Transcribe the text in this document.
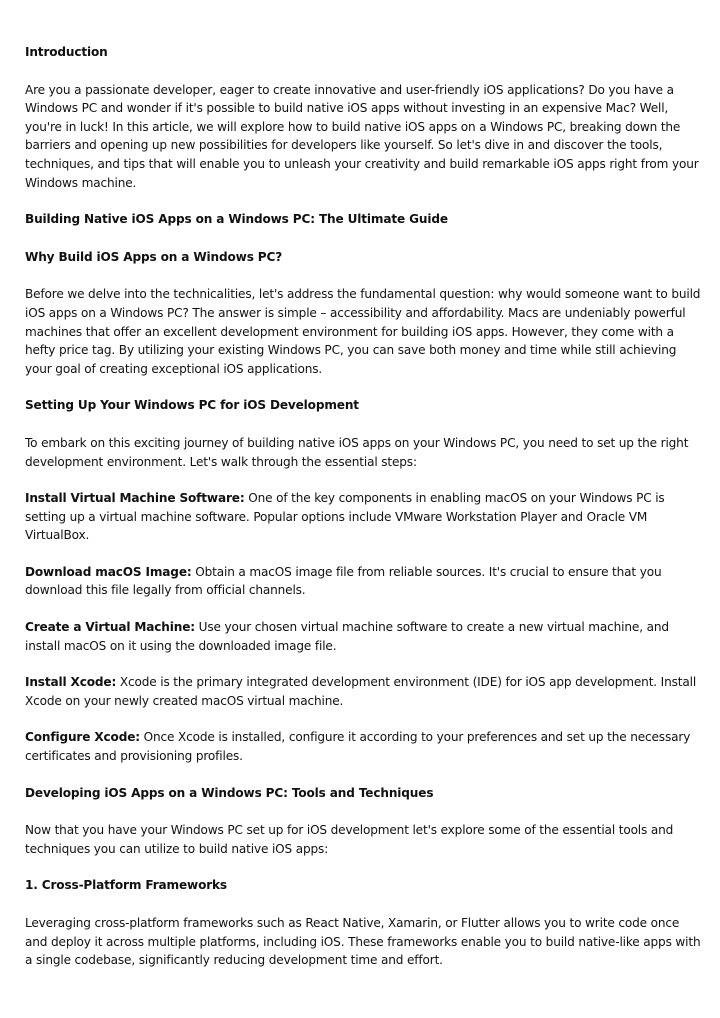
Introduction

Are you a passionate developer, eager to create innovative and user-friendly iOS applications? Do you have a Windows PC and wonder if it's possible to build native iOS apps without investing in an expensive Mac? Well, you're in luck! In this article, we will explore how to build native iOS apps on a Windows PC, breaking down the barriers and opening up new possibilities for developers like yourself. So let's dive in and discover the tools, techniques, and tips that will enable you to unleash your creativity and build remarkable iOS apps right from your Windows machine.

Building Native iOS Apps on a Windows PC: The Ultimate Guide

Why Build iOS Apps on a Windows PC?

Before we delve into the technicalities, let's address the fundamental question: why would someone want to build iOS apps on a Windows PC? The answer is simple – accessibility and affordability. Macs are undeniably powerful machines that offer an excellent development environment for building iOS apps. However, they come with a hefty price tag. By utilizing your existing Windows PC, you can save both money and time while still achieving your goal of creating exceptional iOS applications.

Setting Up Your Windows PC for iOS Development

To embark on this exciting journey of building native iOS apps on your Windows PC, you need to set up the right development environment. Let's walk through the essential steps:

Install Virtual Machine Software: One of the key components in enabling macOS on your Windows PC is setting up a virtual machine software. Popular options include VMware Workstation Player and Oracle VM VirtualBox.

Download macOS Image: Obtain a macOS image file from reliable sources. It's crucial to ensure that you download this file legally from official channels.

Create a Virtual Machine: Use your chosen virtual machine software to create a new virtual machine, and install macOS on it using the downloaded image file.

Install Xcode: Xcode is the primary integrated development environment (IDE) for iOS app development. Install Xcode on your newly created macOS virtual machine.

Configure Xcode: Once Xcode is installed, configure it according to your preferences and set up the necessary certificates and provisioning profiles.

Developing iOS Apps on a Windows PC: Tools and Techniques

Now that you have your Windows PC set up for iOS development let's explore some of the essential tools and techniques you can utilize to build native iOS apps:

1. Cross-Platform Frameworks

Leveraging cross-platform frameworks such as React Native, Xamarin, or Flutter allows you to write code once and deploy it across multiple platforms, including iOS. These frameworks enable you to build native-like apps with a single codebase, significantly reducing development time and effort.
